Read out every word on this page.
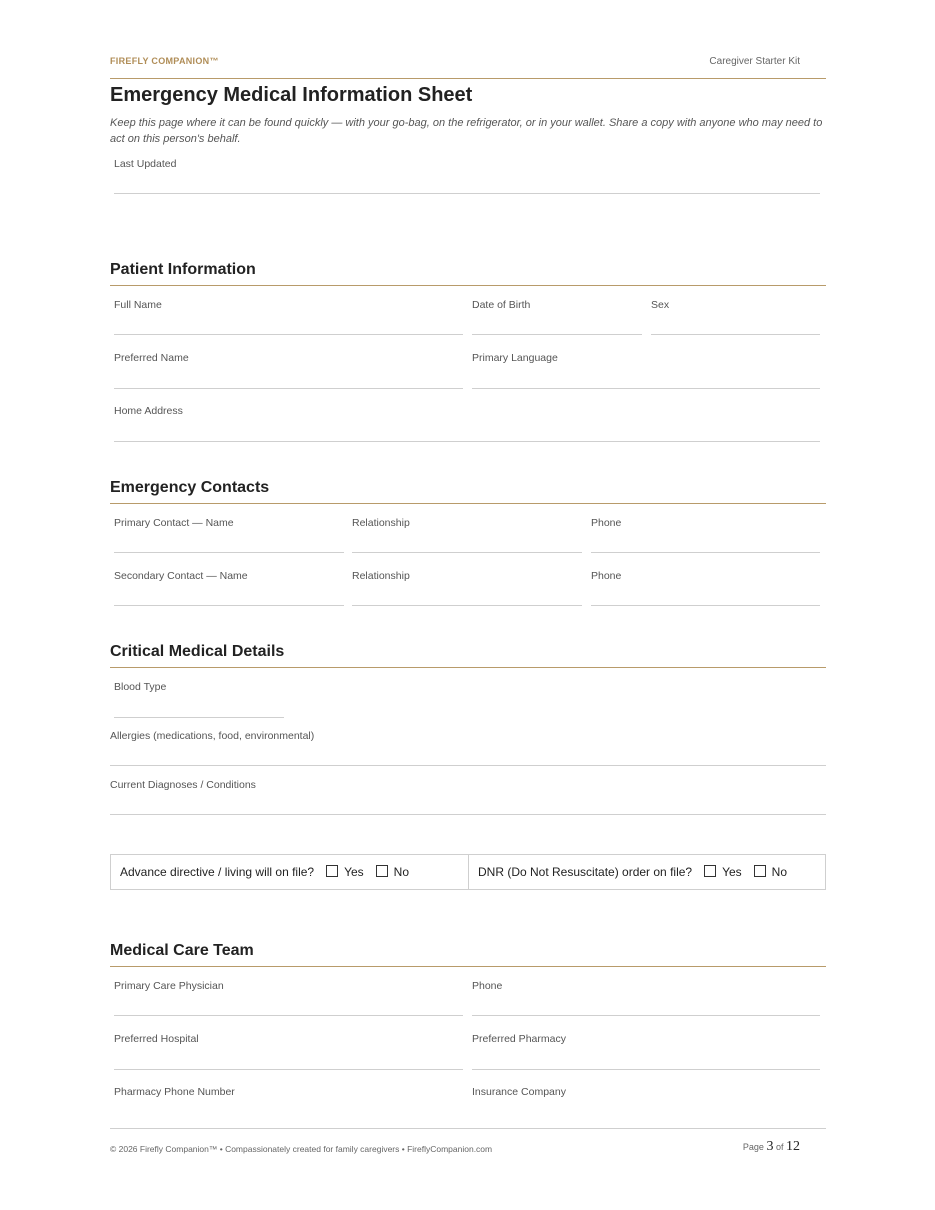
FIREFLY COMPANION™	Caregiver Starter Kit
Emergency Medical Information Sheet

Keep this page where it can be found quickly — with your go-bag, on the refrigerator, or in your wallet. Share a copy with anyone who may need to act on this person's behalf.

Last Updated
Patient Information
Full Name	Date of Birth	Sex
Preferred Name	Primary Language
Home Address
Emergency Contacts
Primary Contact — Name	Relationship	Phone
Secondary Contact — Name	Relationship	Phone
Critical Medical Details
Blood Type
Allergies (medications, food, environmental)
Current Diagnoses / Conditions
Advance directive / living will on file?	Yes	No	DNR (Do Not Resuscitate) order on file?	Yes	No
Medical Care Team
Primary Care Physician	Phone
Preferred Hospital	Preferred Pharmacy
Pharmacy Phone Number	Insurance Company
© 2026 Firefly Companion™ • Compassionately created for family caregivers • FireflyCompanion.com	Page 3 of 12
